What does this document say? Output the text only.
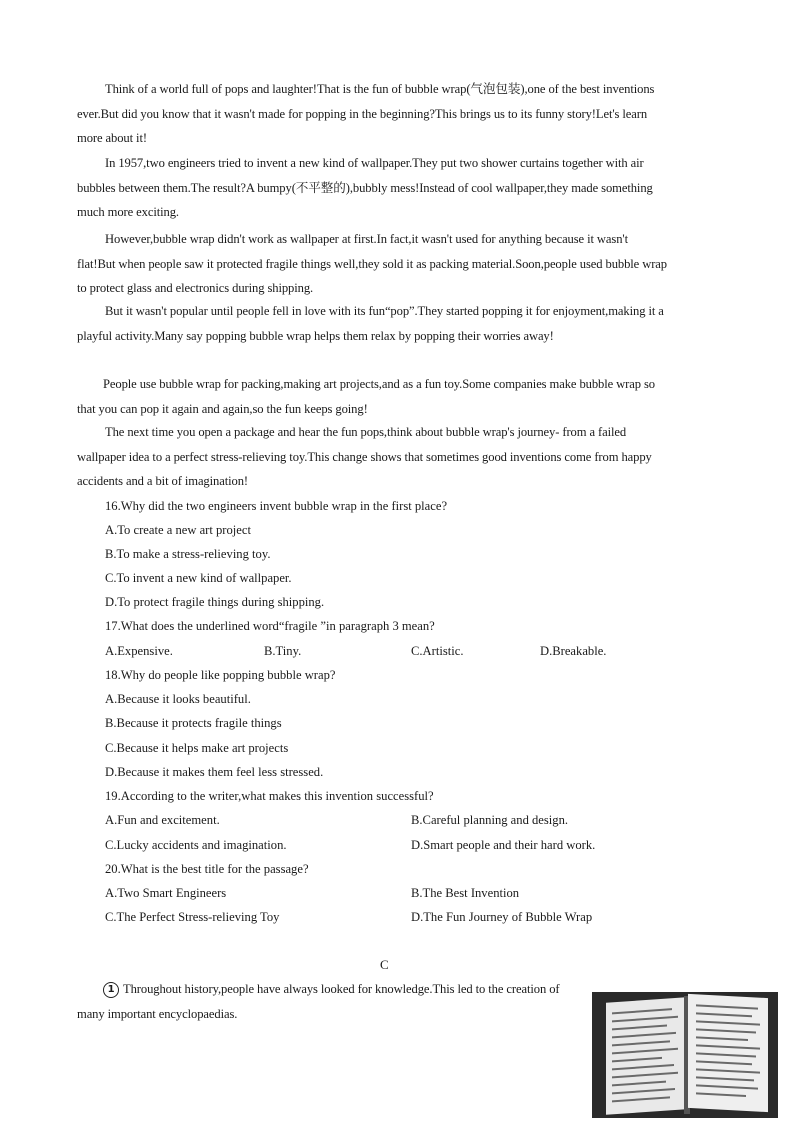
Think of a world full of pops and laughter!That is the fun of bubble wrap(气泡包装),one of the best inventions ever.But did you know that it wasn't made for popping in the beginning?This brings us to its funny story!Let's learn more about it!
In 1957,two engineers tried to invent a new kind of wallpaper.They put two shower curtains together with air bubbles between them.The result?A bumpy(不平整的),bubbly mess!Instead of cool wallpaper,they made something much more exciting.
However,bubble wrap didn't work as wallpaper at first.In fact,it wasn't used for anything because it wasn't flat!But when people saw it protected fragile things well,they sold it as packing material.Soon,people used bubble wrap to protect glass and electronics during shipping.
But it wasn't popular until people fell in love with its fun“pop”.They started popping it for enjoyment,making it a playful activity.Many say popping bubble wrap helps them relax by popping their worries away!
People use bubble wrap for packing,making art projects,and as a fun toy.Some companies make bubble wrap so that you can pop it again and again,so the fun keeps going!
The next time you open a package and hear the fun pops,think about bubble wrap's journey- from a failed wallpaper idea to a perfect stress-relieving toy.This change shows that sometimes good inventions come from happy accidents and a bit of imagination!
16.Why did the two engineers invent bubble wrap in the first place?
A.To create a new art project
B.To make a stress-relieving toy.
C.To invent a new kind of wallpaper.
D.To protect fragile things during shipping.
17.What does the underlined word“fragile ”in paragraph 3 mean?
A.Expensive.	B.Tiny.	C.Artistic.	D.Breakable.
18.Why do people like popping bubble wrap?
A.Because it looks beautiful.
B.Because it protects fragile things
C.Because it helps make art projects
D.Because it makes them feel less stressed.
19.According to the writer,what makes this invention successful?
A.Fun and excitement.	B.Careful planning and design.
C.Lucky accidents and imagination.	D.Smart people and their hard work.
20.What is the best title for the passage?
A.Two Smart Engineers	B.The Best Invention
C.The Perfect Stress-relieving Toy	D.The Fun Journey of Bubble Wrap
C
1 Throughout history,people have always looked for knowledge.This led to the creation of many important encyclopaedias.
